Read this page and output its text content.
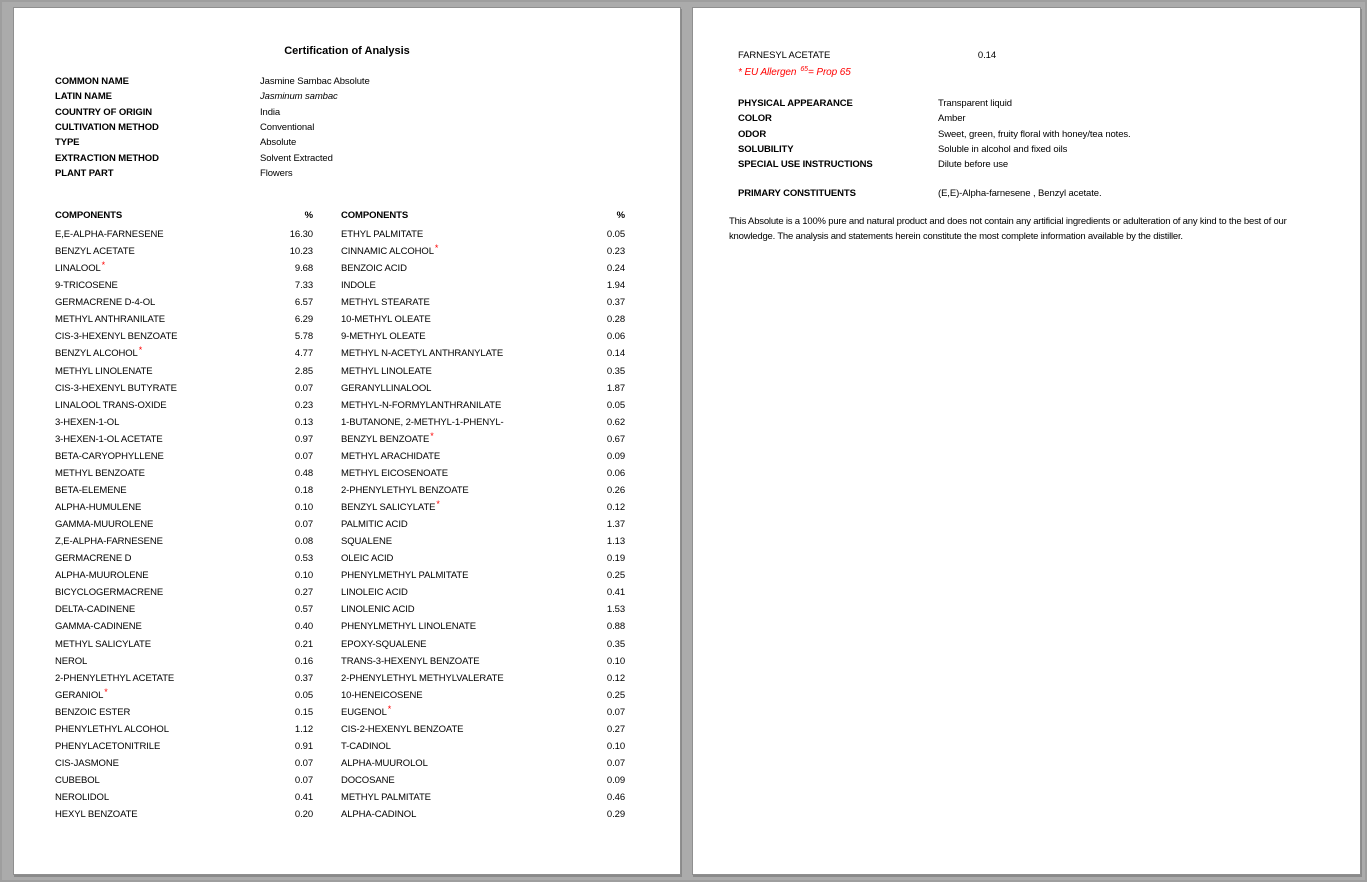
Certification of Analysis
COMMON NAME	Jasmine Sambac Absolute
LATIN NAME	Jasminum sambac
COUNTRY OF ORIGIN	India
CULTIVATION METHOD	Conventional
TYPE	Absolute
EXTRACTION METHOD	Solvent Extracted
PLANT PART	Flowers
COMPONENTS	%
E,E-ALPHA-FARNESENE	16.30
BENZYL ACETATE	10.23
LINALOOL*	9.68
9-TRICOSENE	7.33
GERMACRENE D-4-OL	6.57
METHYL ANTHRANILATE	6.29
CIS-3-HEXENYL BENZOATE	5.78
BENZYL ALCOHOL*	4.77
METHYL LINOLENATE	2.85
CIS-3-HEXENYL BUTYRATE	0.07
LINALOOL TRANS-OXIDE	0.23
3-HEXEN-1-OL	0.13
3-HEXEN-1-OL ACETATE	0.97
BETA-CARYOPHYLLENE	0.07
METHYL BENZOATE	0.48
BETA-ELEMENE	0.18
ALPHA-HUMULENE	0.10
GAMMA-MUUROLENE	0.07
Z,E-ALPHA-FARNESENE	0.08
GERMACRENE D	0.53
ALPHA-MUUROLENE	0.10
BICYCLOGERMACRENE	0.27
DELTA-CADINENE	0.57
GAMMA-CADINENE	0.40
METHYL SALICYLATE	0.21
NEROL	0.16
2-PHENYLETHYL ACETATE	0.37
GERANIOL*	0.05
BENZOIC ESTER	0.15
PHENYLETHYL ALCOHOL	1.12
PHENYLACETONITRILE	0.91
CIS-JASMONE	0.07
CUBEBOL	0.07
NEROLIDOL	0.41
HEXYL BENZOATE	0.20
COMPONENTS	%
ETHYL PALMITATE	0.05
CINNAMIC ALCOHOL*	0.23
BENZOIC ACID	0.24
INDOLE	1.94
METHYL STEARATE	0.37
10-METHYL OLEATE	0.28
9-METHYL OLEATE	0.06
METHYL N-ACETYL ANTHRANYLATE	0.14
METHYL LINOLEATE	0.35
GERANYLLINALOOL	1.87
METHYL-N-FORMYLANTHRANILATE	0.05
1-BUTANONE, 2-METHYL-1-PHENYL-	0.62
BENZYL BENZOATE*	0.67
METHYL ARACHIDATE	0.09
METHYL EICOSENOATE	0.06
2-PHENYLETHYL BENZOATE	0.26
BENZYL SALICYLATE*	0.12
PALMITIC ACID	1.37
SQUALENE	1.13
OLEIC ACID	0.19
PHENYLMETHYL PALMITATE	0.25
LINOLEIC ACID	0.41
LINOLENIC ACID	1.53
PHENYLMETHYL LINOLENATE	0.88
EPOXY-SQUALENE	0.35
TRANS-3-HEXENYL BENZOATE	0.10
2-PHENYLETHYL METHYLVALERATE	0.12
10-HENEICOSENE	0.25
EUGENOL*	0.07
CIS-2-HEXENYL BENZOATE	0.27
T-CADINOL	0.10
ALPHA-MUUROLOL	0.07
DOCOSANE	0.09
METHYL PALMITATE	0.46
ALPHA-CADINOL	0.29
FARNESYL ACETATE	0.14
* EU Allergen $^{65}$= Prop 65
PHYSICAL APPEARANCE	Transparent liquid
COLOR	Amber
ODOR	Sweet, green, fruity floral with honey/tea notes.
SOLUBILITY	Soluble in alcohol and fixed oils
SPECIAL USE INSTRUCTIONS	Dilute before use
PRIMARY CONSTITUENTS	(E,E)-Alpha-farnesene , Benzyl acetate.
This Absolute is a 100% pure and natural product and does not contain any artificial ingredients or adulteration of any kind to the best of our knowledge. The analysis and statements herein constitute the most complete information available by the distiller.
